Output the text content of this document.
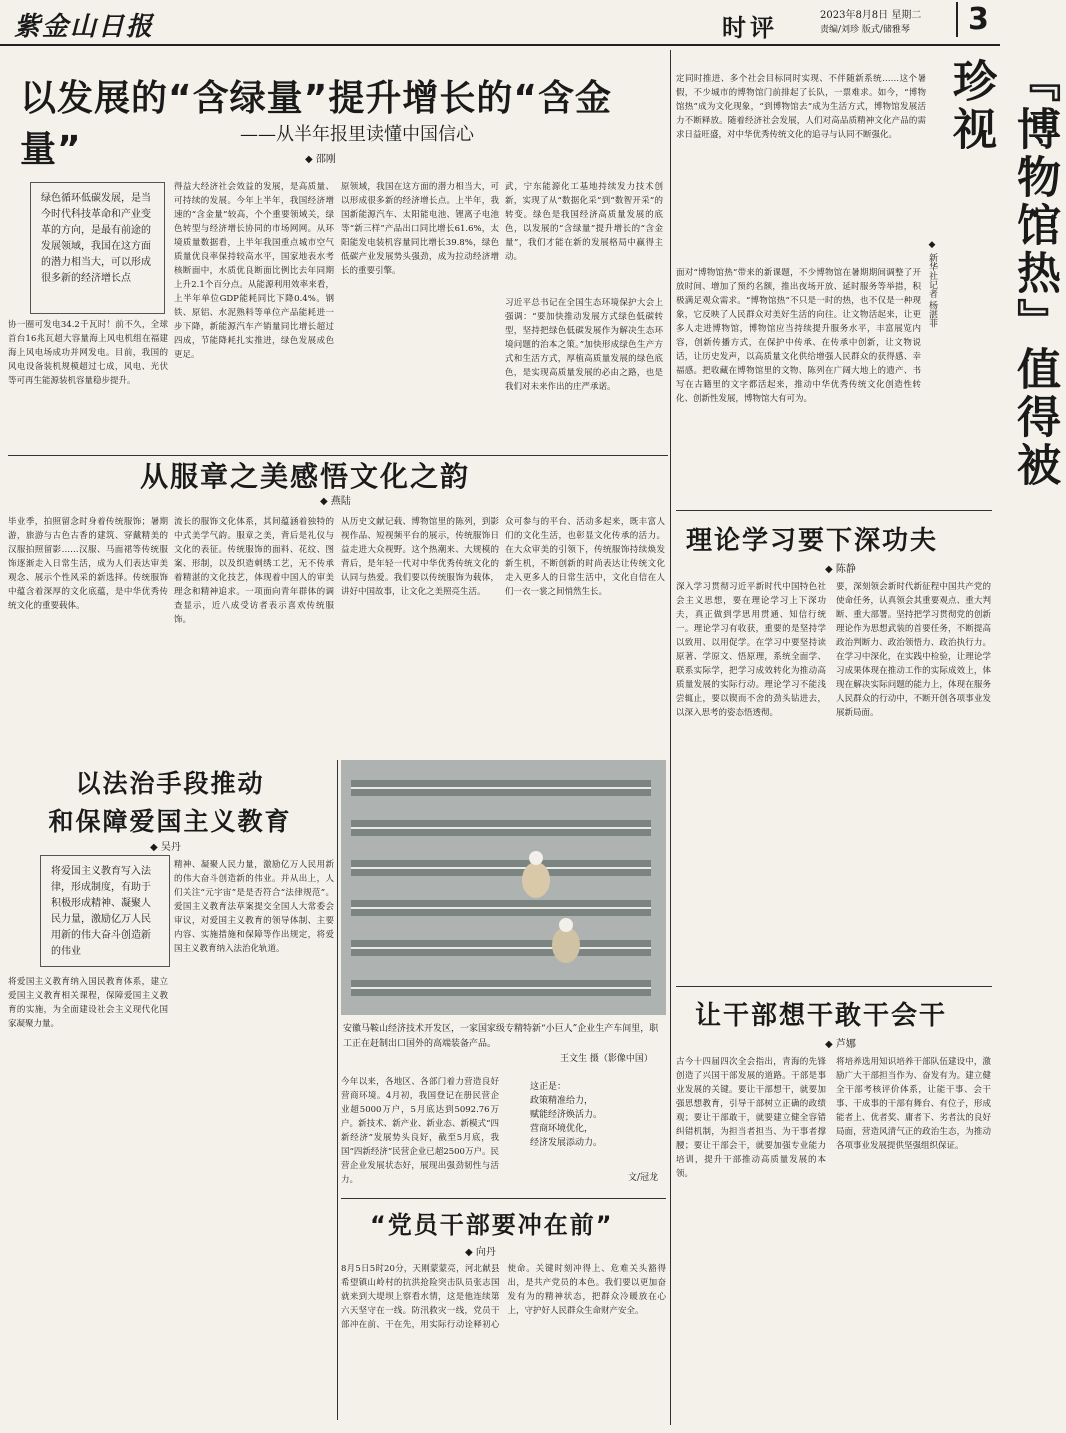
紫金山日报	时评	2023年8月8日 星期二
责编/刘珍 版式/储雅琴	3
以发展的“含绿量”提升增长的“含金量”	——从半年报里读懂中国信心
◆ 邵刚
绿色循环低碳发展，是当今时代科技革命和产业变革的方向，是最有前途的发展领域，我国在这方面的潜力相当大，可以形成很多新的经济增长点
协一圈可发电34.2千瓦时！前不久，全球首台16兆瓦超大容量海上风电机组在福建海上风电场成功并网发电。目前，我国的风电设备装机规模超过七成，风电、光伏等可再生能源装机容量稳步提升。
得益大经济社会效益的发展，是高质量、可持续的发展。今年上半年，我国经济增速的“含金量”较高，个个重要领域关，绿色转型与经济增长协同的市场网网。从环境质量数据看，上半年我国重点城市空气质量优良率保持较高水平，国家地表水考核断面中，水质优良断面比例比去年同期上升2.1个百分点。从能源利用效率来看，上半年单位GDP能耗同比下降0.4%。钢铁、原铝、水泥熟料等单位产品能耗进一步下降，新能源汽车产销量同比增长超过四成，节能降耗扎实推进，绿色发展成色更足。
原领域，我国在这方面的潜力相当大，可以形成很多新的经济增长点。上半年，我国新能源汽车、太阳能电池、锂离子电池等“新三样”产品出口同比增长61.6%，太阳能发电装机容量同比增长39.8%，绿色低碳产业发展势头强劲，成为拉动经济增长的重要引擎。
武，宁东能源化工基地持续发力技术创新，实现了从“数据化采”到“数智开采”的转变。绿色是我国经济高质量发展的底色，以发展的“含绿量”提升增长的“含金量”，我们才能在新的发展格局中赢得主动。
习近平总书记在全国生态环境保护大会上强调：“要加快推动发展方式绿色低碳转型，坚持把绿色低碳发展作为解决生态环境问题的治本之策。”加快形成绿色生产方式和生活方式，厚植高质量发展的绿色底色，是实现高质量发展的必由之路，也是我们对未来作出的庄严承诺。
定同时推进、多个社会目标同时实现、不伴随新系统……这个暑假，不少城市的博物馆门前排起了长队，一票难求。如今，“博物馆热”成为文化现象，“到博物馆去”成为生活方式，博物馆发展活力不断释放。随着经济社会发展，人们对高品质精神文化产品的需求日益旺盛，对中华优秀传统文化的追寻与认同不断强化。	『博物馆热』值得被珍视
◆ 新华社记者 杨湛菲
面对“博物馆热”带来的新课题，不少博物馆在暑期期间调整了开放时间、增加了预约名额，推出夜场开放、延时服务等举措，积极满足观众需求。“博物馆热”不只是一时的热，也不仅是一种现象，它反映了人民群众对美好生活的向往。让文物活起来，让更多人走进博物馆，博物馆应当持续提升服务水平，丰富展览内容，创新传播方式，在保护中传承、在传承中创新，让文物说话，让历史发声，以高质量文化供给增强人民群众的获得感、幸福感。把收藏在博物馆里的文物、陈列在广阔大地上的遗产、书写在古籍里的文字都活起来，推动中华优秀传统文化创造性转化、创新性发展，博物馆大有可为。
从服章之美感悟文化之韵
◆ 燕陆
毕业季，拍照留念时身着传统服饰；暑期游，旅游与古色古香的建筑、穿戴精美的汉服拍照留影……汉服、马面裙等传统服饰逐渐走入日常生活，成为人们表达审美观念、展示个性风采的新选择。传统服饰中蕴含着深厚的文化底蕴，是中华优秀传统文化的重要载体。
流长的服饰文化体系，其间蕴涵着独特的中式美学气韵。服章之美，背后是礼仪与文化的表征。传统服饰的面料、花纹、图案、形制，以及织造刺绣工艺，无不传承着精湛的文化技艺，体现着中国人的审美理念和精神追求。一项面向青年群体的调查显示，近八成受访者表示喜欢传统服饰。
从历史文献记载、博物馆里的陈列，到影视作品、短视频平台的展示，传统服饰日益走进大众视野。这个热潮来、大规模的背后，是年轻一代对中华优秀传统文化的认同与热爱。我们要以传统服饰为载体，讲好中国故事，让文化之美照亮生活。
众可参与的平台、活动多起来，既丰富人们的文化生活，也彰显文化传承的活力。在大众审美的引领下，传统服饰持续焕发新生机，不断创新的时尚表达让传统文化走入更多人的日常生活中，文化自信在人们一衣一裳之间悄然生长。
理论学习要下深功夫
◆ 陈静
深入学习贯彻习近平新时代中国特色社会主义思想，要在理论学习上下深功夫，真正做到学思用贯通、知信行统一。理论学习有收获，重要的是坚持学以致用、以用促学。在学习中要坚持读原著、学原文、悟原理，系统全面学、联系实际学，把学习成效转化为推动高质量发展的实际行动。理论学习不能浅尝辄止，要以锲而不舍的劲头钻进去，以深入思考的姿态悟透彻。
要，深刻领会新时代新征程中国共产党的使命任务，认真领会其重要观点、重大判断、重大部署。坚持把学习贯彻党的创新理论作为思想武装的首要任务，不断提高政治判断力、政治领悟力、政治执行力。在学习中深化，在实践中检验，让理论学习成果体现在推动工作的实际成效上，体现在解决实际问题的能力上，体现在服务人民群众的行动中，不断开创各项事业发展新局面。
以法治手段推动
和保障爱国主义教育
◆ 吴丹
将爱国主义教育写入法律，形成制度，有助于积极形成精神、凝聚人民力量，激励亿万人民用新的伟大奋斗创造新的伟业
精神、凝聚人民力量，激励亿万人民用新的伟大奋斗创造新的伟业。并从出上，人们关注“元宇宙”是是否符合“法律规范”。爱国主义教育法草案提交全国人大常委会审议，对爱国主义教育的领导体制、主要内容、实施措施和保障等作出规定，将爱国主义教育纳入法治化轨道。
将爱国主义教育纳入国民教育体系，建立爱国主义教育相关课程，保障爱国主义教育的实施，为全面建设社会主义现代化国家凝聚力量。	安徽马鞍山经济技术开发区，一家国家级专精特新“小巨人”企业生产车间里，职工正在赶制出口国外的高端装备产品。
王文生 摄（影像中国）
今年以来，各地区、各部门着力营造良好营商环境。4月初，我国登记在册民营企业超5000万户，5月底达到5092.76万户。新技术、新产业、新业态、新模式“四新经济”发展势头良好，截至5月底，我国“四新经济”民营企业已超2500万户。民营企业发展状态好，展现出强劲韧性与活力。
这正是：
政策精准给力，
赋能经济焕活力。
营商环境优化，
经济发展添动力。
文/冠龙
“党员干部要冲在前”
◆ 向丹
8月5日5时20分，天刚蒙蒙亮，河北献县希望镇山岭村的抗洪抢险突击队员张志国就来到大堤坝上察看水情，这是他连续第六天坚守在一线。防汛救灾一线，党员干部冲在前、干在先，用实际行动诠释初心使命。关键时刻冲得上、危难关头豁得出，是共产党员的本色。我们要以更加奋发有为的精神状态，把群众冷暖放在心上，守护好人民群众生命财产安全。
让干部想干敢干会干
◆ 芦娜
古今十四届四次全会指出，青海的先锋创造了兴国干部发展的道路。干部是事业发展的关键。要让干部想干，就要加强思想教育，引导干部树立正确的政绩观；要让干部敢干，就要建立健全容错纠错机制，为担当者担当、为干事者撑腰；要让干部会干，就要加强专业能力培训，提升干部推动高质量发展的本领。
将培养选用知识培养干部队伍建设中，激励广大干部担当作为、奋发有为。建立健全干部考核评价体系，让能干事、会干事、干成事的干部有舞台、有位子，形成能者上、优者奖、庸者下、劣者汰的良好局面，营造风清气正的政治生态，为推动各项事业发展提供坚强组织保证。
